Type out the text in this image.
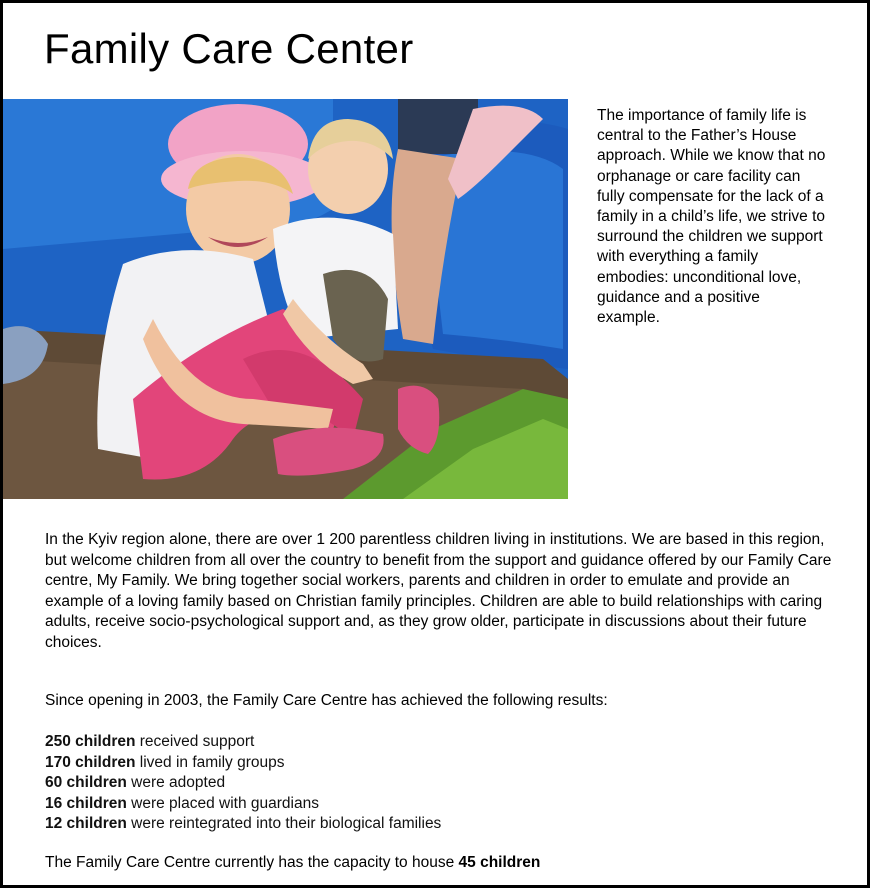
Family Care Center
The importance of family life is central to the Father’s House approach. While we know that no orphanage or care facility can fully compensate for the lack of a family in a child’s life, we strive to surround the children we support with everything a family embodies: unconditional love, guidance and a positive example.

In the Kyiv region alone, there are over 1 200 parentless children living in institutions. We are based in this region, but welcome children from all over the country to benefit from the support and guidance offered by our Family Care centre, My Family. We bring together social workers, parents and children in order to emulate and provide an example of a loving family based on Christian family principles. Children are able to build relationships with caring adults, receive socio-psychological support and, as they grow older, participate in discussions about their future choices.

Since opening in 2003, the Family Care Centre has achieved the following results:

250 children received support
170 children lived in family groups
60 children were adopted
16 children were placed with guardians
12 children were reintegrated into their biological families

The Family Care Centre currently has the capacity to house 45 children
